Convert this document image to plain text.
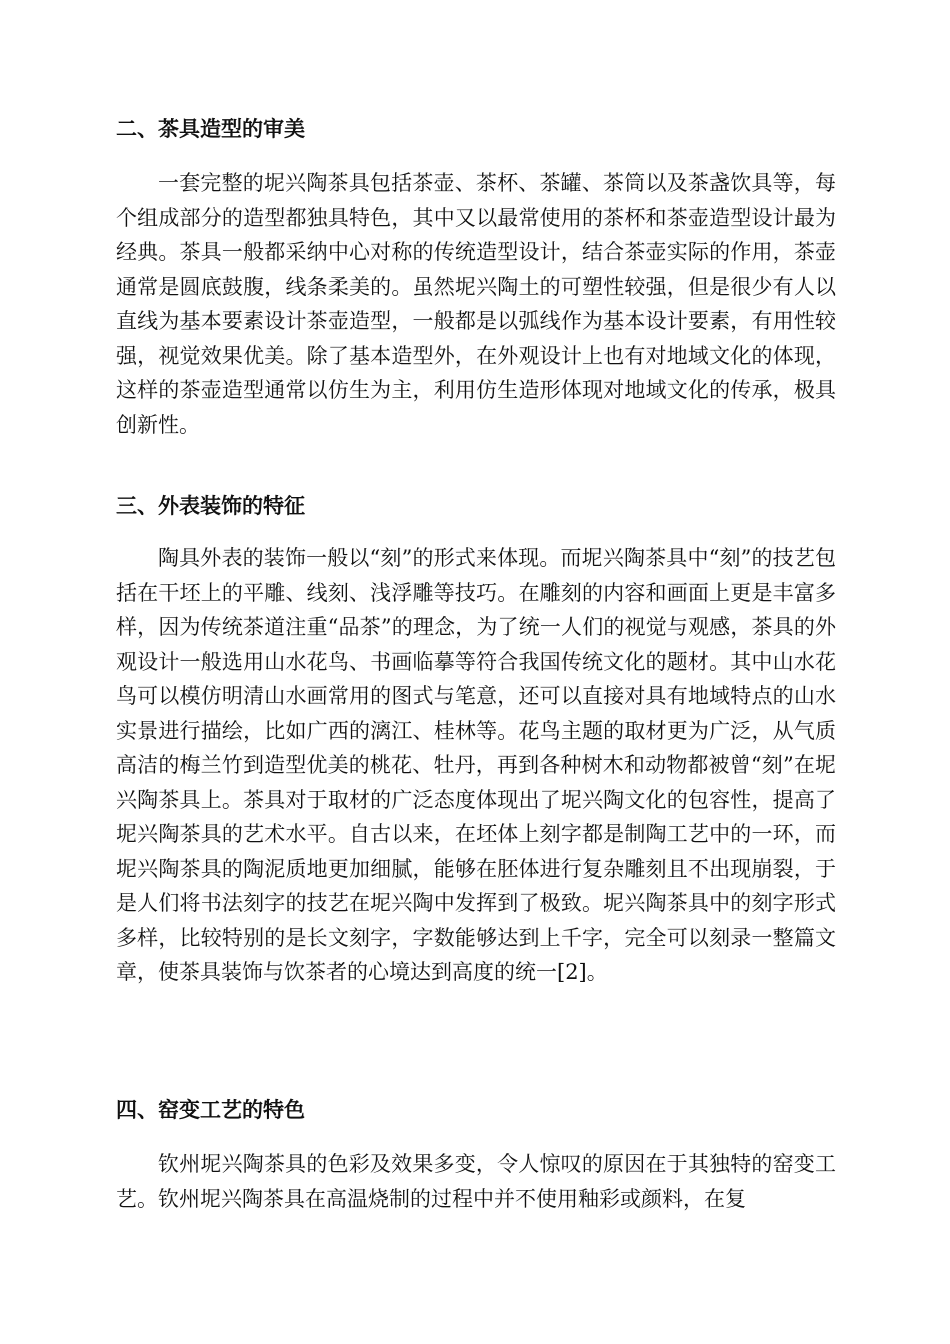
二、茶具造型的审美

一套完整的坭兴陶茶具包括茶壶、茶杯、茶罐、茶筒以及茶盏饮具等，每个组成部分的造型都独具特色，其中又以最常使用的茶杯和茶壶造型设计最为经典。茶具一般都采纳中心对称的传统造型设计，结合茶壶实际的作用，茶壶通常是圆底鼓腹，线条柔美的。虽然坭兴陶土的可塑性较强，但是很少有人以直线为基本要素设计茶壶造型，一般都是以弧线作为基本设计要素，有用性较强，视觉效果优美。除了基本造型外，在外观设计上也有对地域文化的体现，这样的茶壶造型通常以仿生为主，利用仿生造形体现对地域文化的传承，极具创新性。

三、外表装饰的特征

陶具外表的装饰一般以“刻”的形式来体现。而坭兴陶茶具中“刻”的技艺包括在干坯上的平雕、线刻、浅浮雕等技巧。在雕刻的内容和画面上更是丰富多样，因为传统茶道注重“品茶”的理念，为了统一人们的视觉与观感，茶具的外观设计一般选用山水花鸟、书画临摹等符合我国传统文化的题材。其中山水花鸟可以模仿明清山水画常用的图式与笔意，还可以直接对具有地域特点的山水实景进行描绘，比如广西的漓江、桂林等。花鸟主题的取材更为广泛，从气质高洁的梅兰竹到造型优美的桃花、牡丹，再到各种树木和动物都被曾“刻”在坭兴陶茶具上。茶具对于取材的广泛态度体现出了坭兴陶文化的包容性，提高了坭兴陶茶具的艺术水平。自古以来，在坯体上刻字都是制陶工艺中的一环，而坭兴陶茶具的陶泥质地更加细腻，能够在胚体进行复杂雕刻且不出现崩裂，于是人们将书法刻字的技艺在坭兴陶中发挥到了极致。坭兴陶茶具中的刻字形式多样，比较特别的是长文刻字，字数能够达到上千字，完全可以刻录一整篇文章，使茶具装饰与饮茶者的心境达到高度的统一[2]。

四、窑变工艺的特色

钦州坭兴陶茶具的色彩及效果多变，令人惊叹的原因在于其独特的窑变工艺。钦州坭兴陶茶具在高温烧制的过程中并不使用釉彩或颜料，在复
